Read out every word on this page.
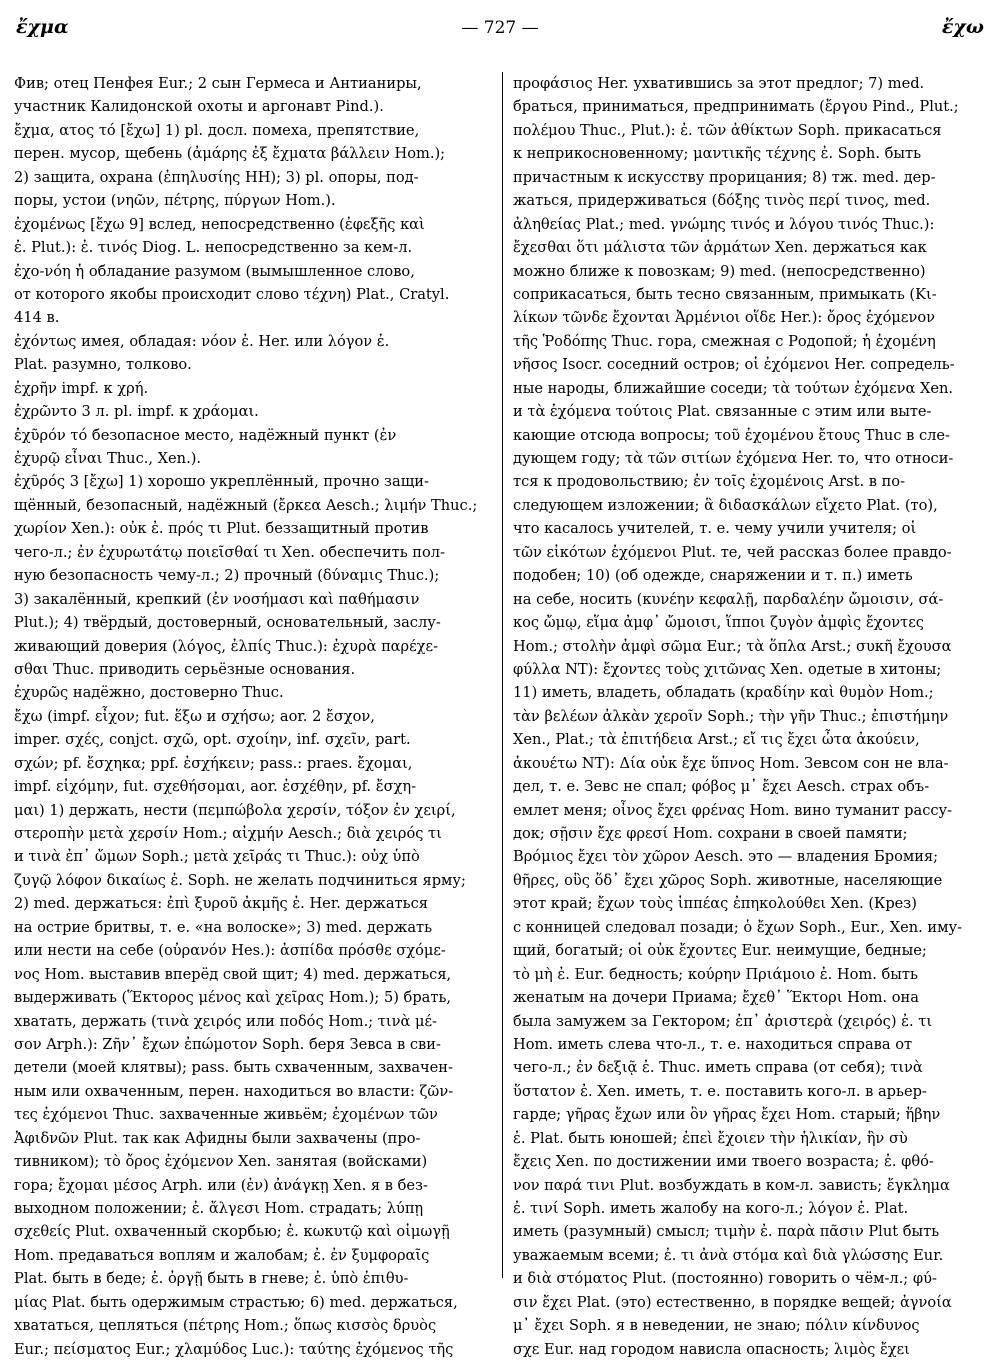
ἔχμα	— 727 —	ἔχω
Фив; отец Пенфея Eur.; 2 сын Гермеса и Антианиры,
участник Калидонской охоты и аргонавт Pind.).
ἔχμα, ατος τό [ἔχω] 1) pl. досл. помеха, препятствие,
перен. мусор, щебень (ἀμάρης ἐξ ἔχματα βάλλειν Hom.);
2) защита, охрана (ἐπηλυσίης ΗΗ); 3) pl. опоры, под-
поры, устои (νηῶν, πέτρης, πύργων Hom.).
ἐχομένως [ἔχω 9] вслед, непосредственно (ἐφεξῆς καὶ
ἐ. Plut.): ἐ. τινός Diog. L. непосредственно за кем-л.
ἐχο-νόη ἡ обладание разумом (вымышленное слово,
от которого якобы происходит слово τέχνη) Plat., Cratyl.
414 в.
ἐχόντως имея, обладая: νόον ἐ. Her. или λόγον ἐ.
Plat. разумно, толково.
ἐχρῆν impf. к χρή.
ἐχρῶντο 3 л. pl. impf. к χράομαι.
ἐχῦρόν τό безопасное место, надёжный пункт (ἐν
ἐχυρῷ εἶναι Thuc., Xen.).
ἐχῦρός 3 [ἔχω] 1) хорошо укреплённый, прочно защи-
щённый, безопасный, надёжный (ἔρκεα Aesch.; λιμήν Thuc.;
χωρίον Xen.): οὐκ ἐ. πρός τι Plut. беззащитный против
чего-л.; ἐν ἐχυρωτάτῳ ποιεῖσθαί τι Xen. обеспечить пол-
ную безопасность чему-л.; 2) прочный (δύναμις Thuc.);
3) закалённый, крепкий (ἐν νοσήμασι καὶ παθήμασιν
Plut.); 4) твёрдый, достоверный, основательный, заслу-
живающий доверия (λόγος, ἐλπίς Thuc.): ἐχυρὰ παρέχε-
σθαι Thuc. приводить серьёзные основания.
ἐχυρῶς надёжно, достоверно Thuc.
ἔχω (impf. εἶχον; fut. ἕξω и σχήσω; aor. 2 ἔσχον,
imper. σχές, conjct. σχῶ, opt. σχοίην, inf. σχεῖν, part.
σχών; pf. ἔσχηκα; ppf. ἐσχήκειν; pass.: praes. ἔχομαι,
impf. εἰχόμην, fut. σχεθήσομαι, aor. ἐσχέθην, pf. ἔσχη-
μαι) 1) держать, нести (πεμπώβολα χερσίν, τόξον ἐν χειρί,
στεροπὴν μετὰ χερσίν Hom.; αἰχμήν Aesch.; διὰ χειρός τι
и τινὰ ἐπ᾽ ὤμων Soph.; μετὰ χεῖράς τι Thuc.): οὐχ ὑπὸ
ζυγῷ λόφον δικαίως ἐ. Soph. не желать подчиниться ярму;
2) med. держаться: ἐπὶ ξυροῦ ἀκμῆς ἐ. Her. держаться
на острие бритвы, т. е. «на волоске»; 3) med. держать
или нести на себе (οὐρανόν Hes.): ἀσπίδα πρόσθε σχόμε-
νος Hom. выставив вперёд свой щит; 4) med. держаться,
выдерживать (Ἕκτορος μένος καὶ χεῖρας Hom.); 5) брать,
хватать, держать (τινὰ χειρός или ποδός Hom.; τινὰ μέ-
σον Arph.): Ζῆν᾽ ἔχων ἐπώμοτον Soph. беря Зевса в сви-
детели (моей клятвы); pass. быть схваченным, захвачен-
ным или охваченным, перен. находиться во власти: ζῶν-
τες ἐχόμενοι Thuc. захваченные живьём; ἐχομένων τῶν
Ἀφιδνῶν Plut. так как Афидны были захвачены (про-
тивником); τὸ ὄρος ἐχόμενον Xen. занятая (войсками)
гора; ἔχομαι μέσος Arph. или (ἐν) ἀνάγκῃ Xen. я в без-
выходном положении; ἐ. ἄλγεσι Hom. страдать; λύπῃ
σχεθείς Plut. охваченный скорбью; ἐ. κωκυτῷ καὶ οἰμωγῇ
Hom. предаваться воплям и жалобам; ἐ. ἐν ξυμφοραῖς
Plat. быть в беде; ἐ. ὀργῇ быть в гневе; ἐ. ὑπὸ ἐπιθυ-
μίας Plat. быть одержимым страстью; 6) med. держаться,
хвататься, цепляться (πέτρης Hom.; ὅπως κισσὸς δρυὸς
Eur.; πείσματος Eur.; χλαμύδος Luc.): ταύτης ἐχόμενος τῆς
προφάσιος Her. ухватившись за этот предлог; 7) med.
браться, приниматься, предпринимать (ἔργου Pind., Plut.;
πολέμου Thuc., Plut.): ἐ. τῶν ἀθίκτων Soph. прикасаться
к неприкосновенному; μαντικῆς τέχνης ἐ. Soph. быть
причастным к искусству прорицания; 8) тж. med. дер-
жаться, придерживаться (δόξης τινὸς περί τινος, med.
ἀληθείας Plat.; med. γνώμης τινός и λόγου τινός Thuc.):
ἔχεσθαι ὅτι μάλιστα τῶν ἁρμάτων Xen. держаться как
можно ближе к повозкам; 9) med. (непосредственно)
соприкасаться, быть тесно связанным, примыкать (Κι-
λίκων τῶνδε ἔχονται Ἀρμένιοι οἵδε Her.): ὄρος ἐχόμενον
τῆς Ῥοδόπης Thuc. гора, смежная с Родопой; ἡ ἐχομένη
νῆσος Isocr. соседний остров; οἱ ἐχόμενοι Her. сопредель-
ные народы, ближайшие соседи; τὰ τούτων ἐχόμενα Xen.
и τὰ ἐχόμενα τούτοις Plat. связанные с этим или выте-
кающие отсюда вопросы; τοῦ ἐχομένου ἔτους Thuc в сле-
дующем году; τὰ τῶν σιτίων ἐχόμενα Her. то, что относи-
тся к продовольствию; ἐν τοῖς ἐχομένοις Arst. в по-
следующем изложении; ἃ διδασκάλων εἴχετο Plat. (то),
что касалось учителей, т. е. чему учили учителя; οἱ
τῶν εἰκότων ἐχόμενοι Plut. те, чей рассказ более правдо-
подобен; 10) (об одежде, снаряжении и т. п.) иметь
на себе, носить (κυνέην κεφαλῇ, παρδαλέην ὤμοισιν, σά-
κος ὤμῳ, εἵμα ἀμφ᾽ ὤμοισι, ἵπποι ζυγὸν ἀμφὶς ἔχοντες
Hom.; στολὴν ἀμφὶ σῶμα Eur.; τὰ ὅπλα Arst.; συκῆ ἔχουσα
φύλλα NT): ἔχοντες τοὺς χιτῶνας Xen. одетые в хитоны;
11) иметь, владеть, обладать (κραδίην καὶ θυμὸν Hom.;
τὰν βελέων ἀλκὰν χεροῖν Soph.; τὴν γῆν Thuc.; ἐπιστήμην
Xen., Plat.; τὰ ἐπιτήδεια Arst.; εἴ τις ἔχει ὦτα ἀκούειν,
ἀκουέτω NT): Δία οὐκ ἔχε ὕπνος Hom. Зевсом сон не вла-
дел, т. е. Зевс не спал; φόβος μ᾽ ἔχει Aesch. страх объ-
емлет меня; οἶνος ἔχει φρένας Hom. вино туманит рассу-
док; σῇσιν ἔχε φρεσί Hom. сохрани в своей памяти;
Βρόμιος ἔχει τὸν χῶρον Aesch. это — владения Бромия;
θῆρες, οὓς ὅδ᾽ ἔχει χῶρος Soph. животные, населяющие
этот край; ἔχων τοὺς ἱππέας ἐπηκολούθει Xen. (Крез)
с конницей следовал позади; ὁ ἔχων Soph., Eur., Xen. иму-
щий, богатый; οἱ οὐκ ἔχοντες Eur. неимущие, бедные;
τὸ μὴ ἐ. Eur. бедность; κούρην Πριάμοιο ἐ. Hom. быть
женатым на дочери Приама; ἔχεθ᾽ Ἕκτορι Hom. она
была замужем за Гектором; ἐπ᾽ ἀριστερὰ (χειρός) ἐ. τι
Hom. иметь слева что-л., т. е. находиться справа от
чего-л.; ἐν δεξιᾷ ἐ. Thuc. иметь справа (от себя); τινὰ
ὕστατον ἐ. Xen. иметь, т. е. поставить кого-л. в арьер-
гарде; γῆρας ἔχων или ὃν γῆρας ἔχει Hom. старый; ἥβην
ἐ. Plat. быть юношей; ἐπεὶ ἔχοιεν τὴν ἡλικίαν, ἣν σὺ
ἔχεις Xen. по достижении ими твоего возраста; ἐ. φθό-
νον παρά τινι Plut. возбуждать в ком-л. зависть; ἔγκλημα
ἐ. τινί Soph. иметь жалобу на кого-л.; λόγον ἐ. Plat.
иметь (разумный) смысл; τιμὴν ἐ. παρὰ πᾶσιν Plut быть
уважаемым всеми; ἐ. τι ἀνὰ στόμα καὶ διὰ γλώσσης Eur.
и διὰ στόματος Plut. (постоянно) говорить о чём-л.; φύ-
σιν ἔχει Plat. (это) естественно, в порядке вещей; ἀγνοία
μ᾽ ἔχει Soph. я в неведении, не знаю; πόλιν κίνδυνος
σχε Eur. над городом нависла опасность; λιμὸς ἔχει
